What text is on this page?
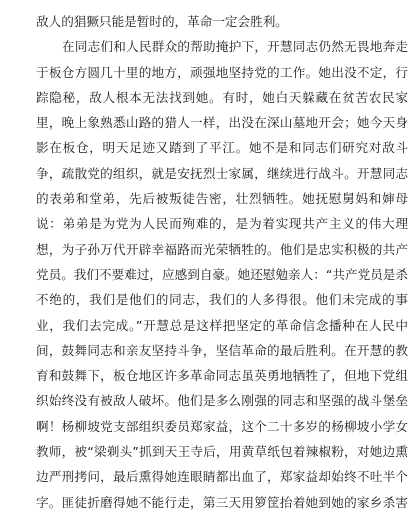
敌人的猖獗只能是暂时的，革命一定会胜利。
在同志们和人民群众的帮助掩护下，开慧同志仍然无畏地奔走
于板仓方圆几十里的地方，顽强地坚持党的工作。她出没不定，行
踪隐秘，敌人根本无法找到她。有时，她白天躲藏在贫苦农民家
里，晚上象熟悉山路的猎人一样，出没在深山墓地开会；她今天身
影在板仓，明天足迹又踏到了平江。她不是和同志们研究对敌斗
争，疏散党的组织，就是安抚烈士家属，继续进行战斗。开慧同志
的表弟和堂弟，先后被叛徒告密，壮烈牺牲。她抚慰舅妈和婶母
说：弟弟是为党为人民而殉难的，是为着实现共产主义的伟大理
想，为子孙万代开辟幸福路而光荣牺牲的。他们是忠实积极的共产
党员。我们不要难过，应感到自豪。她还慰勉亲人：“共产党员是杀
不绝的，我们是他们的同志，我们的人多得很。他们未完成的事
业，我们去完成。”开慧总是这样把坚定的革命信念播种在人民中
间，鼓舞同志和亲友坚持斗争，坚信革命的最后胜利。在开慧的教
育和鼓舞下，板仓地区许多革命同志虽英勇地牺牲了，但地下党组
织始终没有被敌人破坏。他们是多么刚强的同志和坚强的战斗堡垒
啊！杨柳坡党支部组织委员郑家益，这个二十多岁的杨柳坡小学女
教师，被“梁剃头”抓到天王寺后，用黄草纸包着辣椒粉，对她边熏
边严刑拷问，最后熏得她连眼睛都出血了，郑家益却始终不吐半个
字。匪徒折磨得她不能行走，第三天用箩筐抬着她到她的家乡杀害
